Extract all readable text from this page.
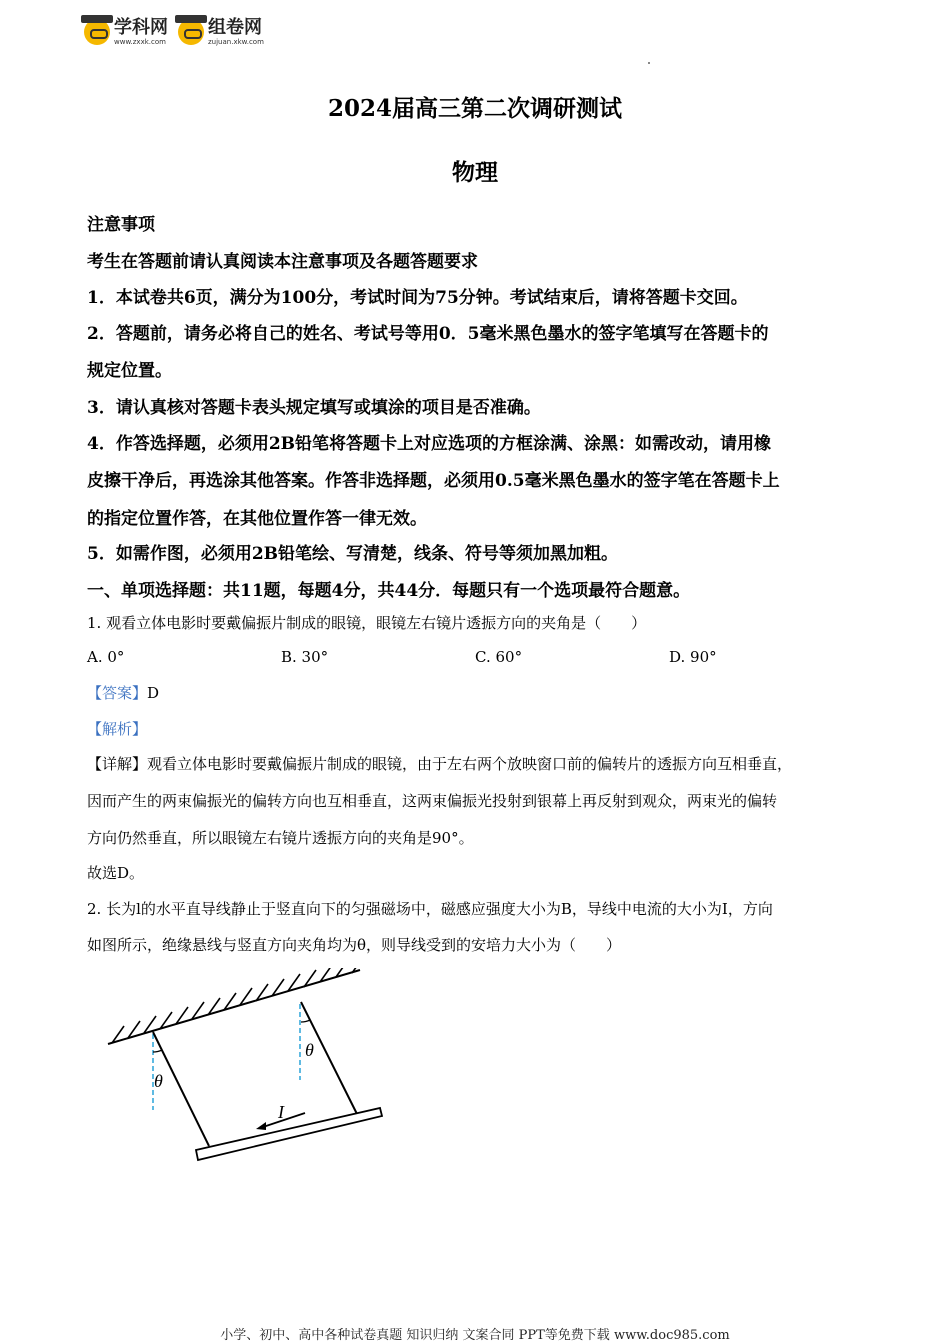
学科网
www.zxxk.com
组卷网
zujuan.xkw.com
2024届高三第二次调研测试
物理
注意事项
考生在答题前请认真阅读本注意事项及各题答题要求
1．本试卷共6页，满分为100分，考试时间为75分钟。考试结束后，请将答题卡交回。
2．答题前，请务必将自己的姓名、考试号等用0．5毫米黑色墨水的签字笔填写在答题卡的
规定位置。
3．请认真核对答题卡表头规定填写或填涂的项目是否准确。
4．作答选择题，必须用2B铅笔将答题卡上对应选项的方框涂满、涂黑：如需改动，请用橡
皮擦干净后，再选涂其他答案。作答非选择题，必须用0.5毫米黑色墨水的签字笔在答题卡上
的指定位置作答，在其他位置作答一律无效。
5．如需作图，必须用2B铅笔绘、写清楚，线条、符号等须加黑加粗。
一、单项选择题：共11题，每题4分，共44分．每题只有一个选项最符合题意。
1. 观看立体电影时要戴偏振片制成的眼镜，眼镜左右镜片透振方向的夹角是（　　）
A. 0°	B. 30°	C. 60°	D. 90°
【答案】D
【解析】
【详解】观看立体电影时要戴偏振片制成的眼镜，由于左右两个放映窗口前的偏转片的透振方向互相垂直，
因而产生的两束偏振光的偏转方向也互相垂直，这两束偏振光投射到银幕上再反射到观众，两束光的偏转
方向仍然垂直，所以眼镜左右镜片透振方向的夹角是90°。
故选D。
2. 长为l的水平直导线静止于竖直向下的匀强磁场中，磁感应强度大小为B，导线中电流的大小为I，方向
如图所示，绝缘悬线与竖直方向夹角均为θ，则导线受到的安培力大小为（　　）
I
θ
θ
小学、初中、高中各种试卷真题 知识归纳 文案合同 PPT等免费下载 www.doc985.com
